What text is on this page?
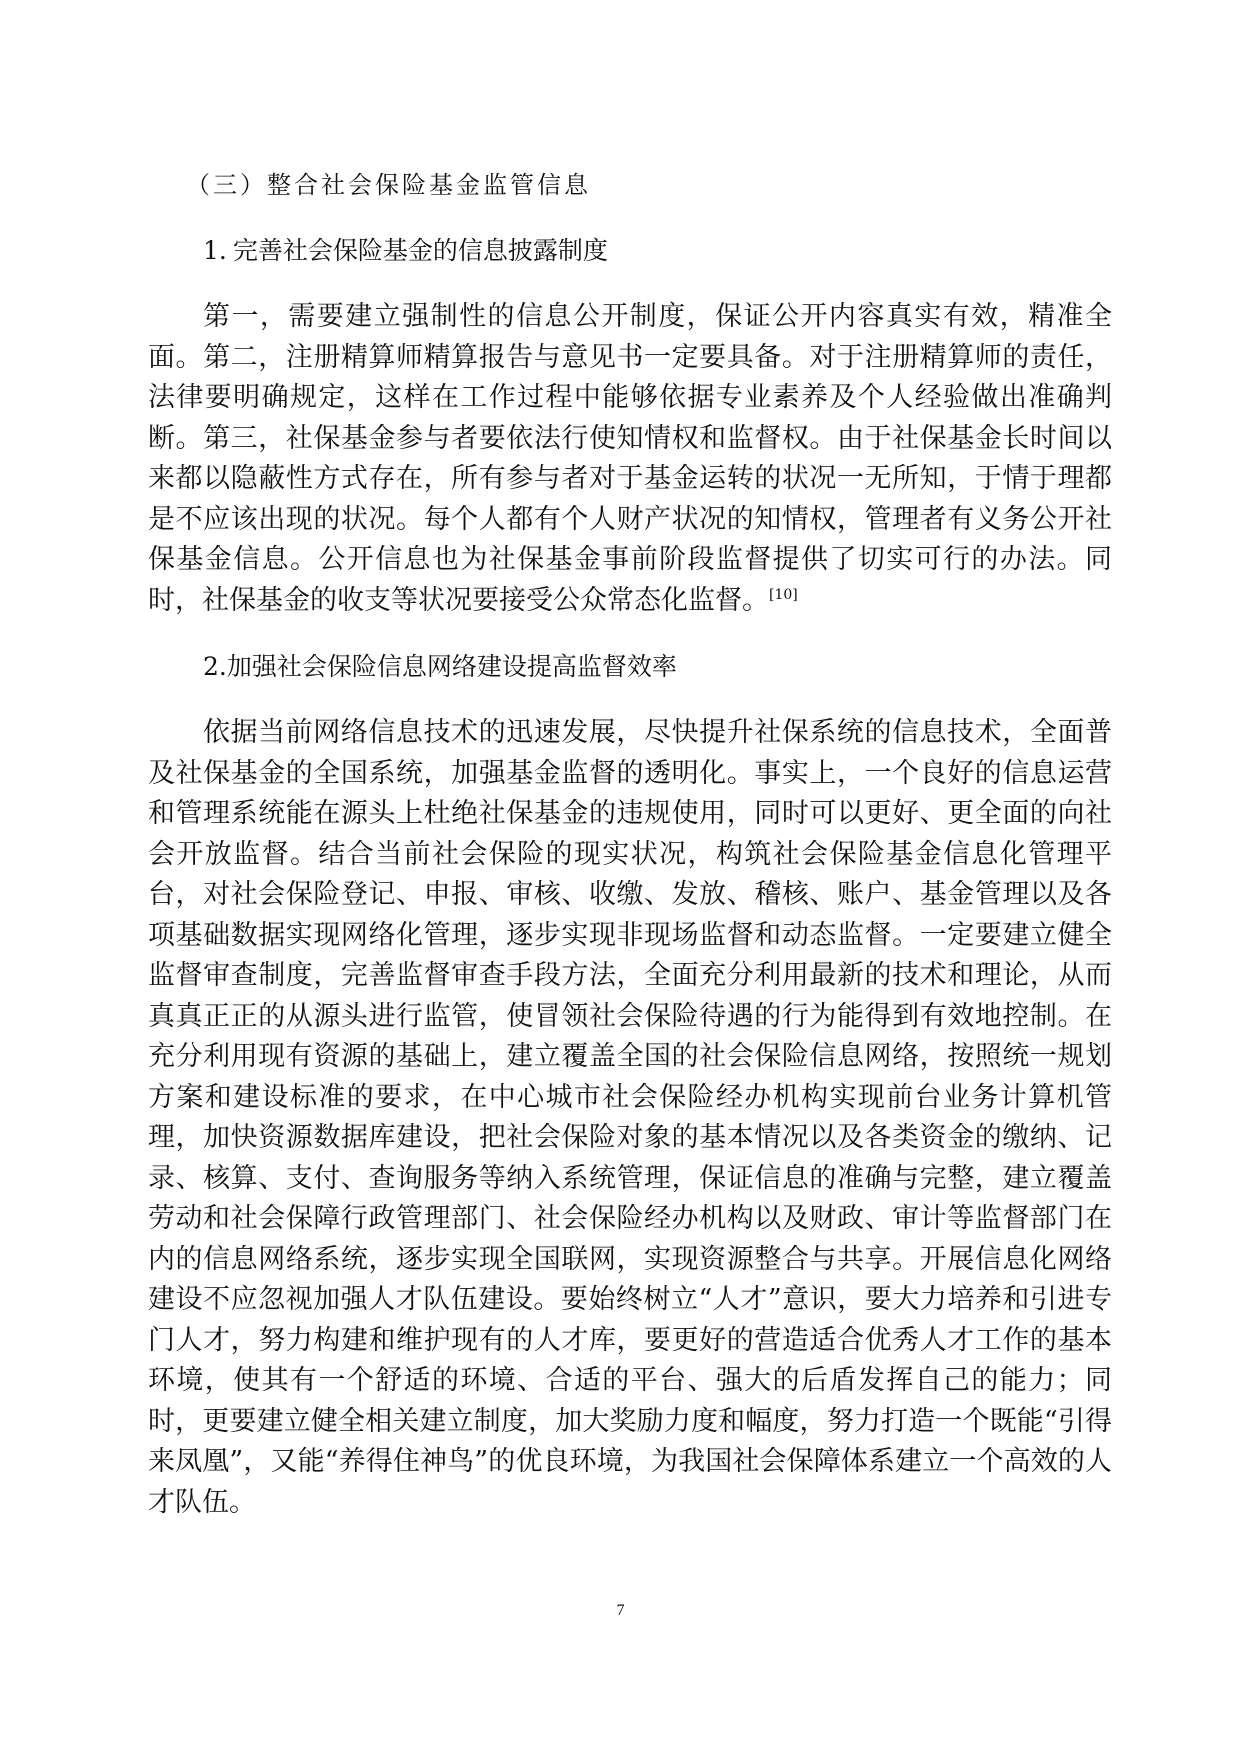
（三）整合社会保险基金监管信息
1. 完善社会保险基金的信息披露制度

第一，需要建立强制性的信息公开制度，保证公开内容真实有效，精准全面。第二，注册精算师精算报告与意见书一定要具备。对于注册精算师的责任，法律要明确规定，这样在工作过程中能够依据专业素养及个人经验做出准确判断。第三，社保基金参与者要依法行使知情权和监督权。由于社保基金长时间以来都以隐蔽性方式存在，所有参与者对于基金运转的状况一无所知，于情于理都是不应该出现的状况。每个人都有个人财产状况的知情权，管理者有义务公开社保基金信息。公开信息也为社保基金事前阶段监督提供了切实可行的办法。同时，社保基金的收支等状况要接受公众常态化监督。[10]

2.加强社会保险信息网络建设提高监督效率

依据当前网络信息技术的迅速发展，尽快提升社保系统的信息技术，全面普及社保基金的全国系统，加强基金监督的透明化。事实上，一个良好的信息运营和管理系统能在源头上杜绝社保基金的违规使用，同时可以更好、更全面的向社会开放监督。结合当前社会保险的现实状况，构筑社会保险基金信息化管理平台，对社会保险登记、申报、审核、收缴、发放、稽核、账户、基金管理以及各项基础数据实现网络化管理，逐步实现非现场监督和动态监督。一定要建立健全监督审查制度，完善监督审查手段方法，全面充分利用最新的技术和理论，从而真真正正的从源头进行监管，使冒领社会保险待遇的行为能得到有效地控制。在充分利用现有资源的基础上，建立覆盖全国的社会保险信息网络，按照统一规划方案和建设标准的要求，在中心城市社会保险经办机构实现前台业务计算机管理，加快资源数据库建设，把社会保险对象的基本情况以及各类资金的缴纳、记录、核算、支付、查询服务等纳入系统管理，保证信息的准确与完整，建立覆盖劳动和社会保障行政管理部门、社会保险经办机构以及财政、审计等监督部门在内的信息网络系统，逐步实现全国联网，实现资源整合与共享。开展信息化网络建设不应忽视加强人才队伍建设。要始终树立“人才”意识，要大力培养和引进专门人才，努力构建和维护现有的人才库，要更好的营造适合优秀人才工作的基本环境，使其有一个舒适的环境、合适的平台、强大的后盾发挥自己的能力；同时，更要建立健全相关建立制度，加大奖励力度和幅度，努力打造一个既能“引得来凤凰”，又能“养得住神鸟”的优良环境，为我国社会保障体系建立一个高效的人才队伍。

7
